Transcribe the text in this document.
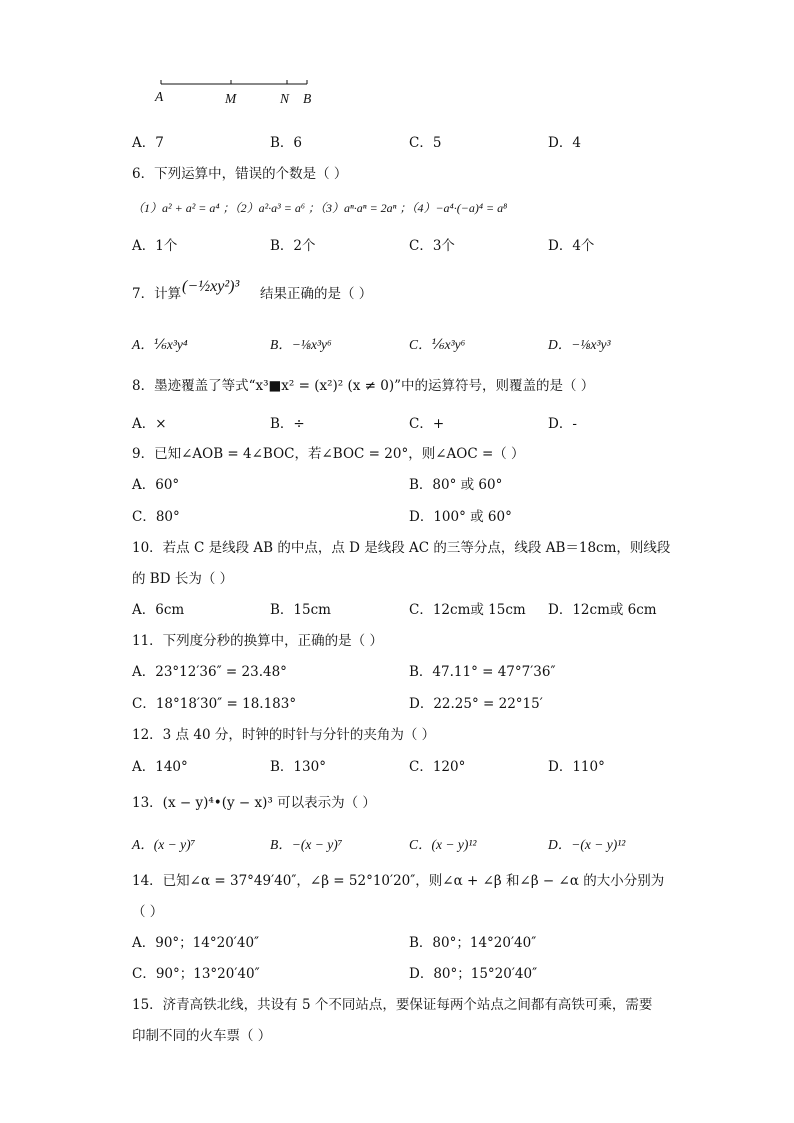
A	M	N B
A．7	B．6	C．5	D．4
6．下列运算中，错误的个数是（ ）
（1）a² + a² = a⁴ ；（2）a²·a³ = a⁶ ；（3）aⁿ·aⁿ = 2aⁿ ；（4）−a⁴·(−a)⁴ = a⁸
A．1个	B．2个	C．3个	D．4个
7．计算 (−½xy²)³ 结果正确的是（ ）
A．⅙x³y⁴	B．−⅛x³y⁶	C．⅙x³y⁶	D．−⅛x³y³
8．墨迹覆盖了等式“x³■x² = (x²)² (x ≠ 0)”中的运算符号，则覆盖的是（ ）
A．×	B．÷	C．+	D．-
9．已知∠AOB = 4∠BOC，若∠BOC = 20°，则∠AOC =（ ）
A．60°	B．80° 或 60°
C．80°	D．100° 或 60°
10．若点 C 是线段 AB 的中点，点 D 是线段 AC 的三等分点，线段 AB＝18cm，则线段
的 BD 长为（ ）
A．6cm	B．15cm	C．12cm或 15cm D．12cm或 6cm
11．下列度分秒的换算中，正确的是（ ）
A．23°12′36″ = 23.48°	B．47.11° = 47°7′36″
C．18°18′30″ = 18.183°	D．22.25° = 22°15′
12．3 点 40 分，时钟的时针与分针的夹角为（ ）
A．140°	B．130°	C．120°	D．110°
13．(x − y)⁴•(y − x)³ 可以表示为（ ）
A．(x − y)⁷	B．−(x − y)⁷	C．(x − y)¹²	D．−(x − y)¹²
14．已知∠α = 37°49′40″，∠β = 52°10′20″，则∠α + ∠β 和∠β − ∠α 的大小分别为
（ ）
A．90°；14°20′40″	B．80°；14°20′40″
C．90°；13°20′40″	D．80°；15°20′40″
15．济青高铁北线，共设有 5 个不同站点，要保证每两个站点之间都有高铁可乘，需要
印制不同的火车票（ ）
